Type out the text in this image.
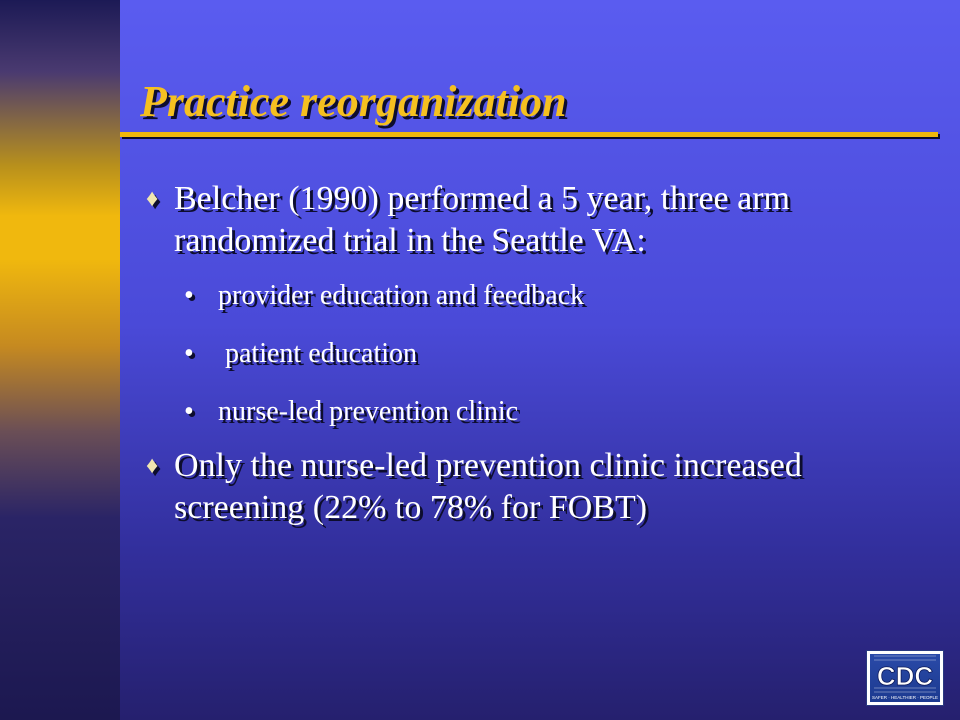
Practice reorganization
♦ Belcher (1990) performed a 5 year, three arm randomized trial in the Seattle VA:
• provider education and feedback
• patient education
• nurse-led prevention clinic
♦ Only the nurse-led prevention clinic increased screening (22% to 78% for FOBT)
CDC
SAFER · HEALTHIER · PEOPLE
